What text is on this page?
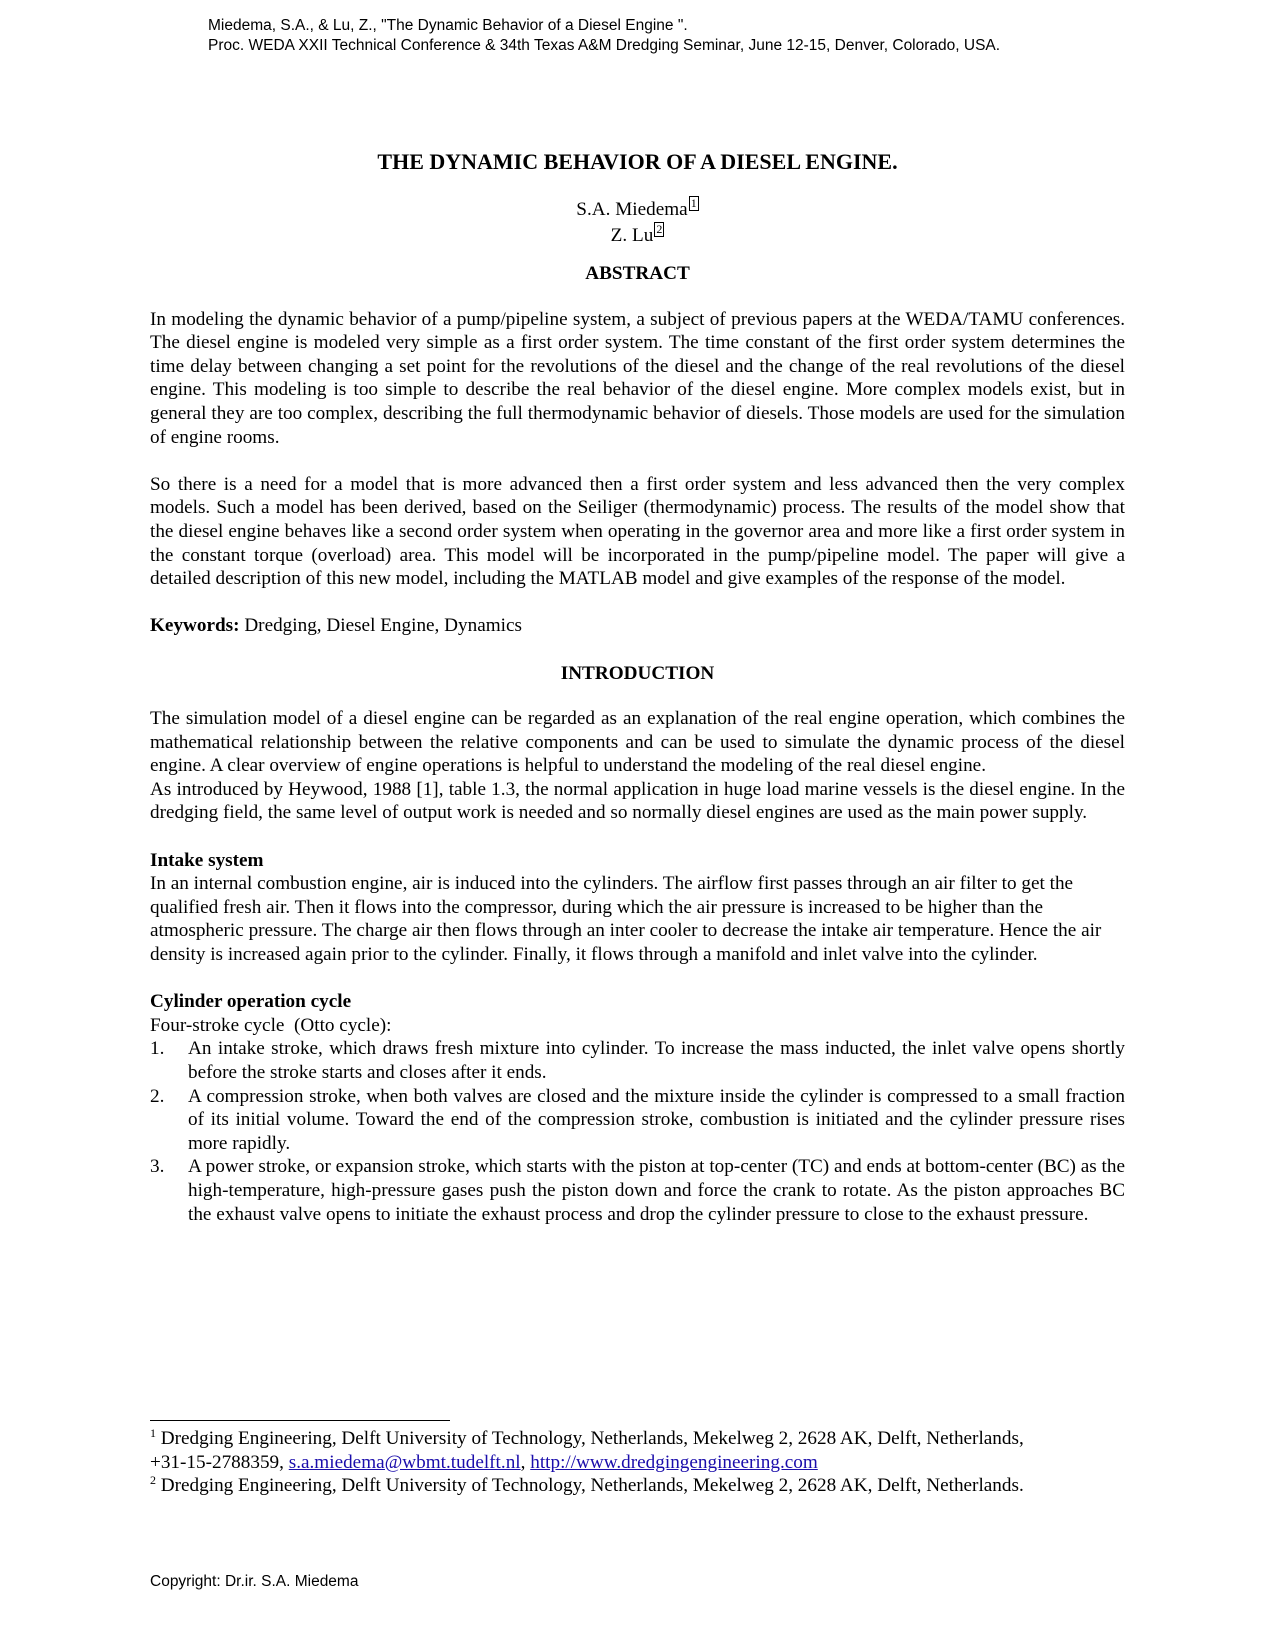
Miedema, S.A., & Lu, Z., "The Dynamic Behavior of a Diesel Engine ".
Proc. WEDA XXII Technical Conference & 34th Texas A&M Dredging Seminar, June 12-15, Denver, Colorado, USA.
THE DYNAMIC BEHAVIOR OF A DIESEL ENGINE.
S.A. Miedema 1
Z. Lu 2
ABSTRACT

In modeling the dynamic behavior of a pump/pipeline system, a subject of previous papers at the WEDA/TAMU conferences. The diesel engine is modeled very simple as a first order system. The time constant of the first order system determines the time delay between changing a set point for the revolutions of the diesel and the change of the real revolutions of the diesel engine. This modeling is too simple to describe the real behavior of the diesel engine. More complex models exist, but in general they are too complex, describing the full thermodynamic behavior of diesels. Those models are used for the simulation of engine rooms.

So there is a need for a model that is more advanced then a first order system and less advanced then the very complex models. Such a model has been derived, based on the Seiliger (thermodynamic) process. The results of the model show that the diesel engine behaves like a second order system when operating in the governor area and more like a first order system in the constant torque (overload) area. This model will be incorporated in the pump/pipeline model. The paper will give a detailed description of this new model, including the MATLAB model and give examples of the response of the model.

Keywords: Dredging, Diesel Engine, Dynamics

INTRODUCTION

The simulation model of a diesel engine can be regarded as an explanation of the real engine operation, which combines the mathematical relationship between the relative components and can be used to simulate the dynamic process of the diesel engine. A clear overview of engine operations is helpful to understand the modeling of the real diesel engine.

As introduced by Heywood, 1988 [1], table 1.3, the normal application in huge load marine vessels is the diesel engine. In the dredging field, the same level of output work is needed and so normally diesel engines are used as the main power supply.

Intake system

In an internal combustion engine, air is induced into the cylinders. The airflow first passes through an air filter to get the qualified fresh air. Then it flows into the compressor, during which the air pressure is increased to be higher than the atmospheric pressure. The charge air then flows through an inter cooler to decrease the intake air temperature. Hence the air density is increased again prior to the cylinder. Finally, it flows through a manifold and inlet valve into the cylinder.

Cylinder operation cycle
Four-stroke cycle  (Otto cycle):
1. An intake stroke, which draws fresh mixture into cylinder. To increase the mass inducted, the inlet valve opens shortly before the stroke starts and closes after it ends.
2. A compression stroke, when both valves are closed and the mixture inside the cylinder is compressed to a small fraction of its initial volume. Toward the end of the compression stroke, combustion is initiated and the cylinder pressure rises more rapidly.
3. A power stroke, or expansion stroke, which starts with the piston at top-center (TC) and ends at bottom-center (BC) as the high-temperature, high-pressure gases push the piston down and force the crank to rotate. As the piston approaches BC the exhaust valve opens to initiate the exhaust process and drop the cylinder pressure to close to the exhaust pressure.
$^1$ Dredging Engineering, Delft University of Technology, Netherlands, Mekelweg 2, 2628 AK, Delft, Netherlands,
+31-15-2788359, s.a.miedema@wbmt.tudelft.nl, http://www.dredgingengineering.com
$^2$ Dredging Engineering, Delft University of Technology, Netherlands, Mekelweg 2, 2628 AK, Delft, Netherlands.
Copyright: Dr.ir. S.A. Miedema
